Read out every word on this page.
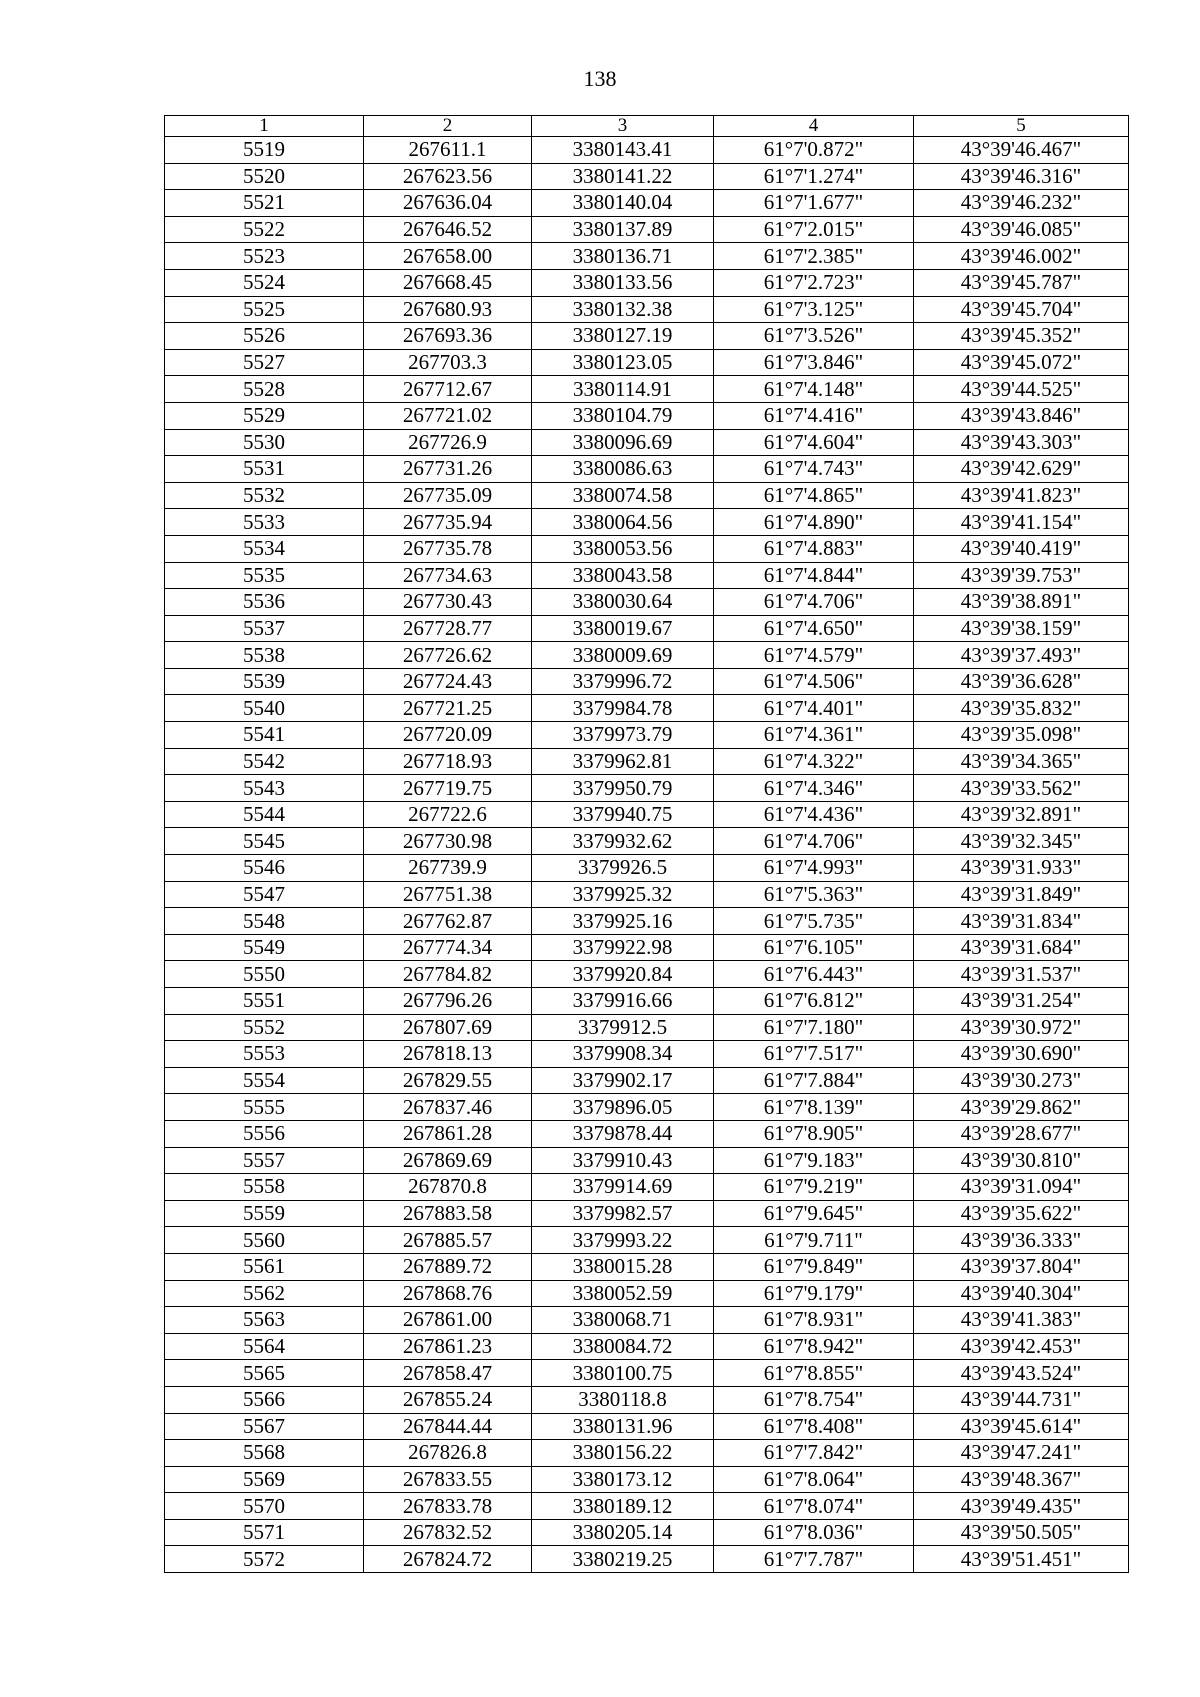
138
1	2	3	4	5
5519	267611.1	3380143.41	61°7'0.872"	43°39'46.467"
5520	267623.56	3380141.22	61°7'1.274"	43°39'46.316"
5521	267636.04	3380140.04	61°7'1.677"	43°39'46.232"
5522	267646.52	3380137.89	61°7'2.015"	43°39'46.085"
5523	267658.00	3380136.71	61°7'2.385"	43°39'46.002"
5524	267668.45	3380133.56	61°7'2.723"	43°39'45.787"
5525	267680.93	3380132.38	61°7'3.125"	43°39'45.704"
5526	267693.36	3380127.19	61°7'3.526"	43°39'45.352"
5527	267703.3	3380123.05	61°7'3.846"	43°39'45.072"
5528	267712.67	3380114.91	61°7'4.148"	43°39'44.525"
5529	267721.02	3380104.79	61°7'4.416"	43°39'43.846"
5530	267726.9	3380096.69	61°7'4.604"	43°39'43.303"
5531	267731.26	3380086.63	61°7'4.743"	43°39'42.629"
5532	267735.09	3380074.58	61°7'4.865"	43°39'41.823"
5533	267735.94	3380064.56	61°7'4.890"	43°39'41.154"
5534	267735.78	3380053.56	61°7'4.883"	43°39'40.419"
5535	267734.63	3380043.58	61°7'4.844"	43°39'39.753"
5536	267730.43	3380030.64	61°7'4.706"	43°39'38.891"
5537	267728.77	3380019.67	61°7'4.650"	43°39'38.159"
5538	267726.62	3380009.69	61°7'4.579"	43°39'37.493"
5539	267724.43	3379996.72	61°7'4.506"	43°39'36.628"
5540	267721.25	3379984.78	61°7'4.401"	43°39'35.832"
5541	267720.09	3379973.79	61°7'4.361"	43°39'35.098"
5542	267718.93	3379962.81	61°7'4.322"	43°39'34.365"
5543	267719.75	3379950.79	61°7'4.346"	43°39'33.562"
5544	267722.6	3379940.75	61°7'4.436"	43°39'32.891"
5545	267730.98	3379932.62	61°7'4.706"	43°39'32.345"
5546	267739.9	3379926.5	61°7'4.993"	43°39'31.933"
5547	267751.38	3379925.32	61°7'5.363"	43°39'31.849"
5548	267762.87	3379925.16	61°7'5.735"	43°39'31.834"
5549	267774.34	3379922.98	61°7'6.105"	43°39'31.684"
5550	267784.82	3379920.84	61°7'6.443"	43°39'31.537"
5551	267796.26	3379916.66	61°7'6.812"	43°39'31.254"
5552	267807.69	3379912.5	61°7'7.180"	43°39'30.972"
5553	267818.13	3379908.34	61°7'7.517"	43°39'30.690"
5554	267829.55	3379902.17	61°7'7.884"	43°39'30.273"
5555	267837.46	3379896.05	61°7'8.139"	43°39'29.862"
5556	267861.28	3379878.44	61°7'8.905"	43°39'28.677"
5557	267869.69	3379910.43	61°7'9.183"	43°39'30.810"
5558	267870.8	3379914.69	61°7'9.219"	43°39'31.094"
5559	267883.58	3379982.57	61°7'9.645"	43°39'35.622"
5560	267885.57	3379993.22	61°7'9.711"	43°39'36.333"
5561	267889.72	3380015.28	61°7'9.849"	43°39'37.804"
5562	267868.76	3380052.59	61°7'9.179"	43°39'40.304"
5563	267861.00	3380068.71	61°7'8.931"	43°39'41.383"
5564	267861.23	3380084.72	61°7'8.942"	43°39'42.453"
5565	267858.47	3380100.75	61°7'8.855"	43°39'43.524"
5566	267855.24	3380118.8	61°7'8.754"	43°39'44.731"
5567	267844.44	3380131.96	61°7'8.408"	43°39'45.614"
5568	267826.8	3380156.22	61°7'7.842"	43°39'47.241"
5569	267833.55	3380173.12	61°7'8.064"	43°39'48.367"
5570	267833.78	3380189.12	61°7'8.074"	43°39'49.435"
5571	267832.52	3380205.14	61°7'8.036"	43°39'50.505"
5572	267824.72	3380219.25	61°7'7.787"	43°39'51.451"
